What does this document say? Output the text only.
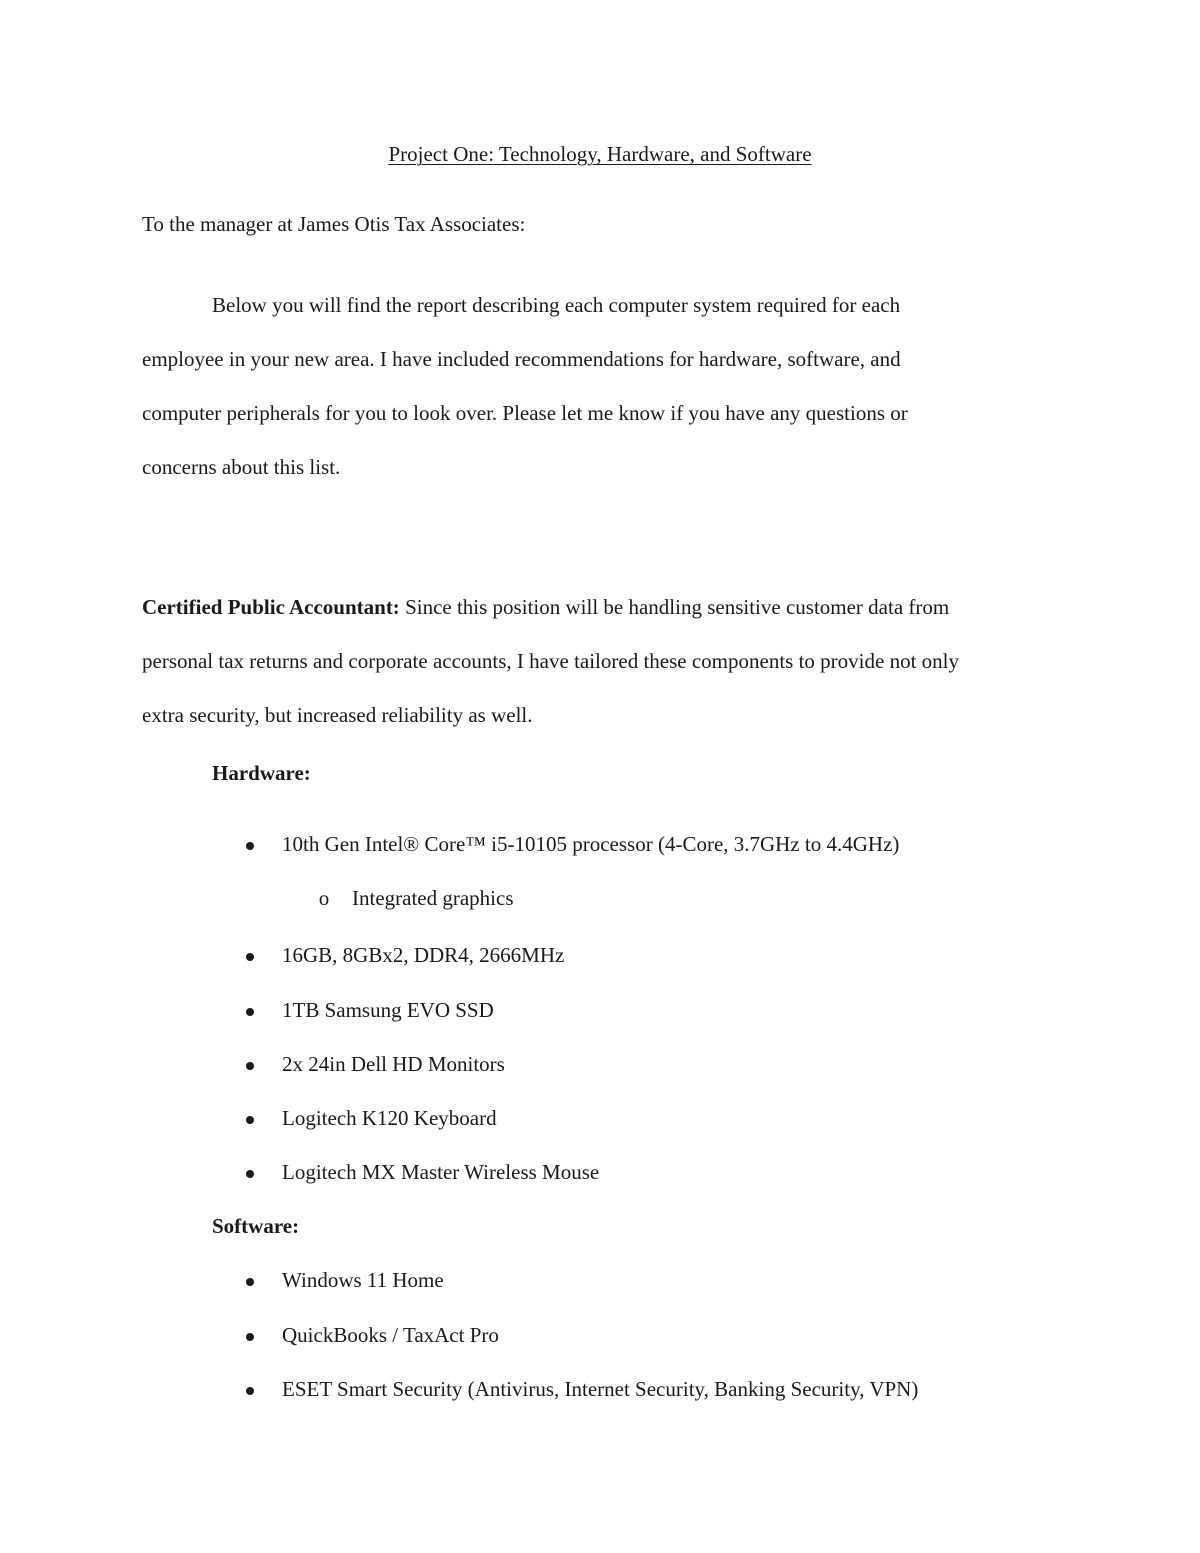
Project One: Technology, Hardware, and Software
To the manager at James Otis Tax Associates:

Below you will find the report describing each computer system required for each
employee in your new area. I have included recommendations for hardware, software, and
computer peripherals for you to look over. Please let me know if you have any questions or
concerns about this list.

Certified Public Accountant: Since this position will be handling sensitive customer data from
personal tax returns and corporate accounts, I have tailored these components to provide not only
extra security, but increased reliability as well.

Hardware:
10th Gen Intel® Core™ i5-10105 processor (4-Core, 3.7GHz to 4.4GHz)
o Integrated graphics
16GB, 8GBx2, DDR4, 2666MHz
1TB Samsung EVO SSD
2x 24in Dell HD Monitors
Logitech K120 Keyboard
Logitech MX Master Wireless Mouse
Software:
Windows 11 Home
QuickBooks / TaxAct Pro
ESET Smart Security (Antivirus, Internet Security, Banking Security, VPN)
